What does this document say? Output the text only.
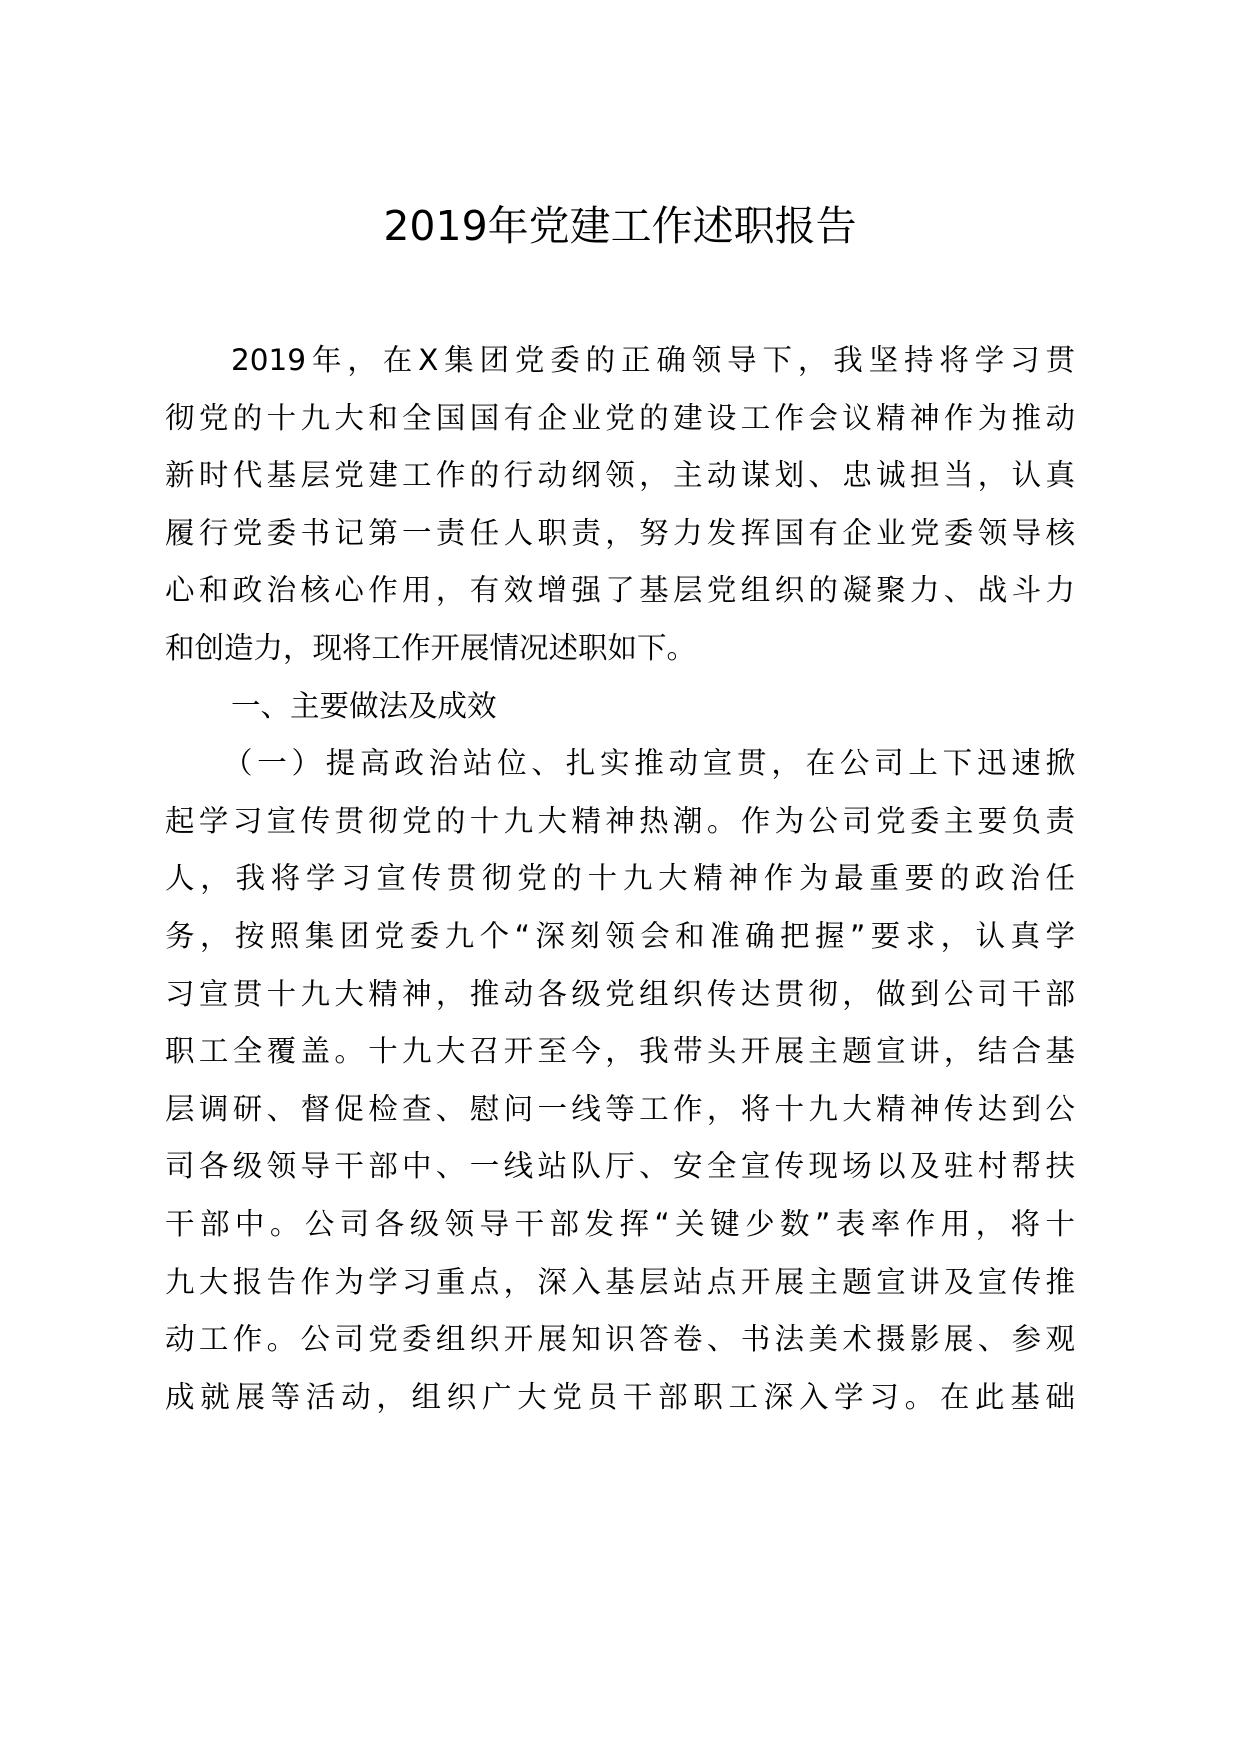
2019年党建工作述职报告
2019年，在X集团党委的正确领导下，我坚持将学习贯
彻党的十九大和全国国有企业党的建设工作会议精神作为推动
新时代基层党建工作的行动纲领，主动谋划、忠诚担当，认真
履行党委书记第一责任人职责，努力发挥国有企业党委领导核
心和政治核心作用，有效增强了基层党组织的凝聚力、战斗力
和创造力，现将工作开展情况述职如下。
一、主要做法及成效
（一）提高政治站位、扎实推动宣贯，在公司上下迅速掀
起学习宣传贯彻党的十九大精神热潮。作为公司党委主要负责
人，我将学习宣传贯彻党的十九大精神作为最重要的政治任
务，按照集团党委九个“深刻领会和准确把握”要求，认真学
习宣贯十九大精神，推动各级党组织传达贯彻，做到公司干部
职工全覆盖。十九大召开至今，我带头开展主题宣讲，结合基
层调研、督促检查、慰问一线等工作，将十九大精神传达到公
司各级领导干部中、一线站队厅、安全宣传现场以及驻村帮扶
干部中。公司各级领导干部发挥“关键少数”表率作用，将十
九大报告作为学习重点，深入基层站点开展主题宣讲及宣传推
动工作。公司党委组织开展知识答卷、书法美术摄影展、参观
成就展等活动，组织广大党员干部职工深入学习。在此基础
